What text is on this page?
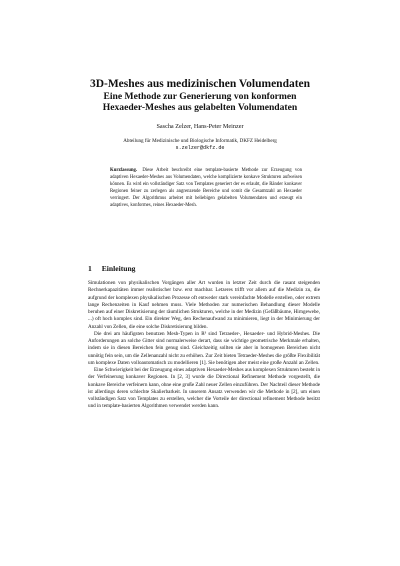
3D-Meshes aus medizinischen Volumendaten
Eine Methode zur Generierung von konformen
Hexaeder-Meshes aus gelabelten Volumendaten
Sascha Zelzer, Hans-Peter Meinzer
Abteilung für Medizinische und Biologische Informatik, DKFZ Heidelberg
s.zelzer@dkfz.de
Kurzfassung. Diese Arbeit beschreibt eine template-basierte Methode zur Erzeugung von adaptiven Hexaeder-Meshes aus Volumendaten, welche komplizierte konkave Strukturen aufweisen können. Es wird ein vollständiger Satz von Templates generiert der es erlaubt, die Ränder konkaver Regionen feiner zu zerlegen als angrenzende Bereiche und somit die Gesamtzahl an Hexaeder verringert. Der Algorithmus arbeitet mit beliebigen gelabelten Volumendaten und erzeugt ein adaptives, konformes, reines Hexaeder-Mesh.
1 Einleitung

Simulationen von physikalischen Vorgängen aller Art wurden in letzter Zeit durch die rasant steigenden Rechnerkapazitäten immer realistischer bzw. erst machbar. Letzeres trifft vor allem auf die Medizin zu, die aufgrund der komplexen physikalischen Prozesse oft entweder stark vereinfachte Modelle erstellen, oder extrem lange Rechenzeiten in Kauf nehmen muss. Viele Methoden zur numerischen Behandlung dieser Modelle beruhen auf einer Diskretisierung der räumlichen Strukturen, welche in der Medizin (Gefäßbäume, Hirngewebe, ...) oft hoch komplex sind. Ein direkter Weg, den Rechenaufwand zu minimieren, liegt in der Minimierung der Anzahl von Zellen, die eine solche Diskretisierung bilden.

Die drei am häufigsten benutzen Mesh-Typen in R³ sind Tetraeder-, Hexaeder- und Hybrid-Meshes. Die Anforderungen an solche Gitter sind normalerweise derart, dass sie wichtige geometrische Merkmale erhalten, indem sie in diesen Bereichen fein genug sind. Gleichzeitig sollten sie aber in homogenen Bereichen nicht unnötig fein sein, um die Zellenanzahl nicht zu erhöhen. Zur Zeit bieten Tetraeder-Meshes die größte Flexibilität um komplexe Daten volloautomatisch zu modellieren [1]. Sie benötigen aber meist eine große Anzahl an Zellen.

Eine Schwierigkeit bei der Erzeugung eines adaptiven Hexaeder-Meshes aus komplexen Strukturen besteht in der Verfeinerung konkaver Regionen. In [2, 3] wurde die Directional Refinement Methode vorgestellt, die konkave Bereiche verfeinern kann, ohne eine große Zahl neuer Zellen einzuführen. Der Nachteil dieser Methode ist allerdings deren schlechte Skalierbarkeit. In unserem Ansatz verwenden wir die Methode in [2], um einen vollständigen Satz von Templates zu erstellen, welcher die Vorteile der directional refinement Methode besitzt und in template-basierten Algorithmen verwendet werden kann.
